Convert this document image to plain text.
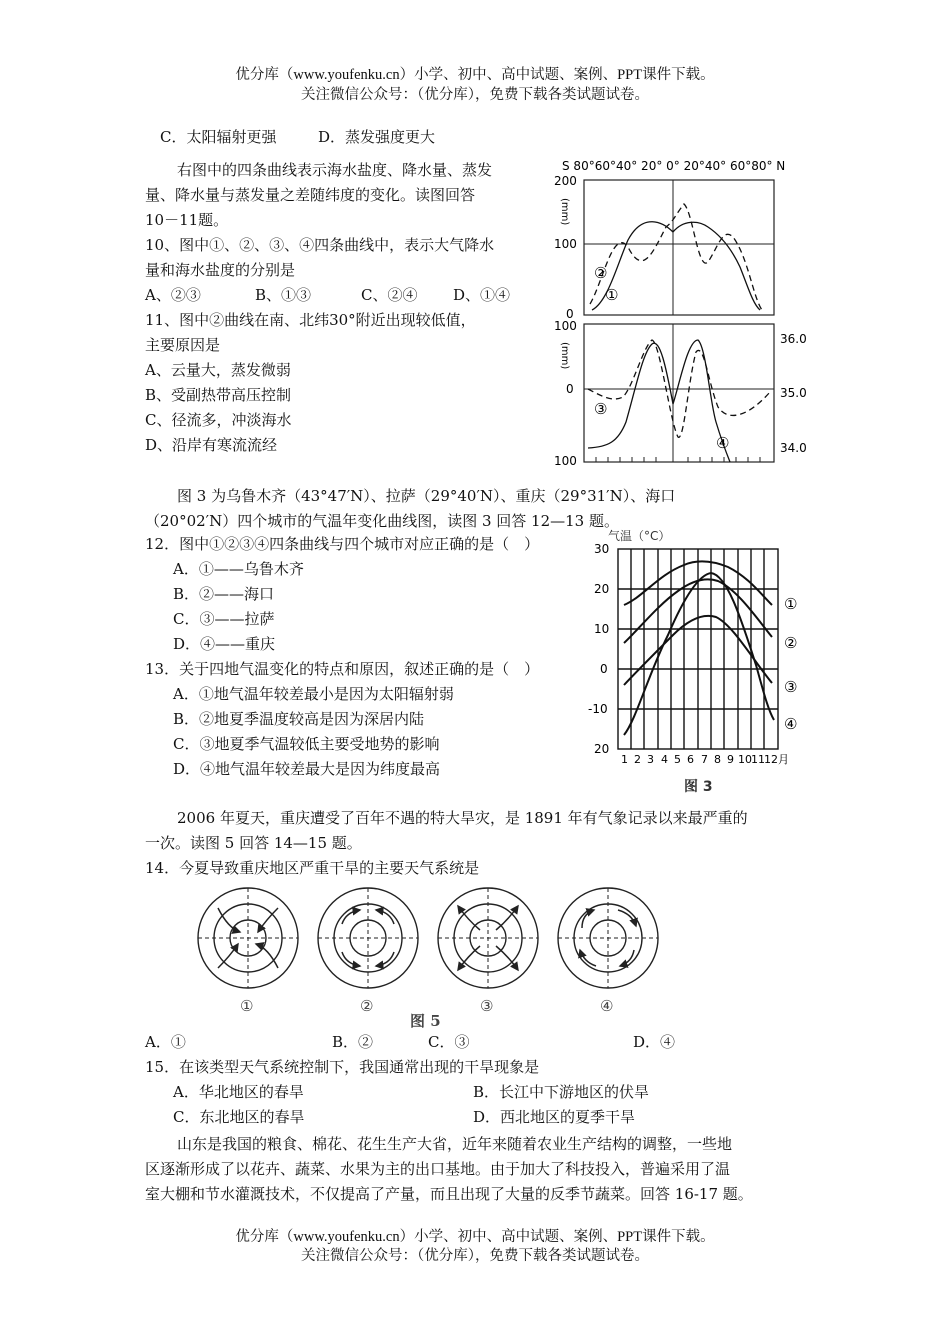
优分库（www.youfenku.cn）小学、初中、高中试题、案例、PPT课件下载。
关注微信公众号：（优分库），免费下载各类试题试卷。
C．太阳辐射更强	D．蒸发强度更大
右图中的四条曲线表示海水盐度、降水量、蒸发
量、降水量与蒸发量之差随纬度的变化。读图回答
10－11题。
10、图中①、②、③、④四条曲线中，表示大气降水
量和海水盐度的分别是
A、②③	B、①③	C、②④ D、①④
11、图中②曲线在南、北纬30°附近出现较低值，
主要原因是
A、云量大，蒸发微弱
B、受副热带高压控制
C、径流多，冲淡海水
D、沿岸有寒流流经
S 80°60°40° 20° 0° 20°40° 60°80° N
200
100
0
(mm)
②
①
100
0
100
(mm)
36.0
35.0
34.0
③
④
图 3 为乌鲁木齐（43°47′N）、拉萨（29°40′N）、重庆（29°31′N）、海口
（20°02′N）四个城市的气温年变化曲线图，读图 3 回答 12—13 题。
12．图中①②③④四条曲线与四个城市对应正确的是（　）
A．①——乌鲁木齐
B．②——海口
C．③——拉萨
D．④——重庆
13．关于四地气温变化的特点和原因，叙述正确的是（　）
A．①地气温年较差最小是因为太阳辐射弱
B．②地夏季温度较高是因为深居内陆
C．③地夏季气温较低主要受地势的影响
D．④地气温年较差最大是因为纬度最高
气温（°C）
30
20
10
0
-10
20
1 2 3 4 5 6 7 8 9 10 11 12月
图 3
①
②
③
④
2006 年夏天，重庆遭受了百年不遇的特大旱灾，是 1891 年有气象记录以来最严重的
一次。读图 5 回答 14—15 题。
14．今夏导致重庆地区严重干旱的主要天气系统是
①	②	③	④
图 5
A．①	B．②	C．③	D．④
15．在该类型天气系统控制下，我国通常出现的干旱现象是
A．华北地区的春旱	B．长江中下游地区的伏旱
C．东北地区的春旱	D．西北地区的夏季干旱
山东是我国的粮食、棉花、花生生产大省，近年来随着农业生产结构的调整，一些地
区逐渐形成了以花卉、蔬菜、水果为主的出口基地。由于加大了科技投入，普遍采用了温
室大棚和节水灌溉技术，不仅提高了产量，而且出现了大量的反季节蔬菜。回答 16-17 题。
优分库（www.youfenku.cn）小学、初中、高中试题、案例、PPT课件下载。
关注微信公众号：（优分库），免费下载各类试题试卷。
